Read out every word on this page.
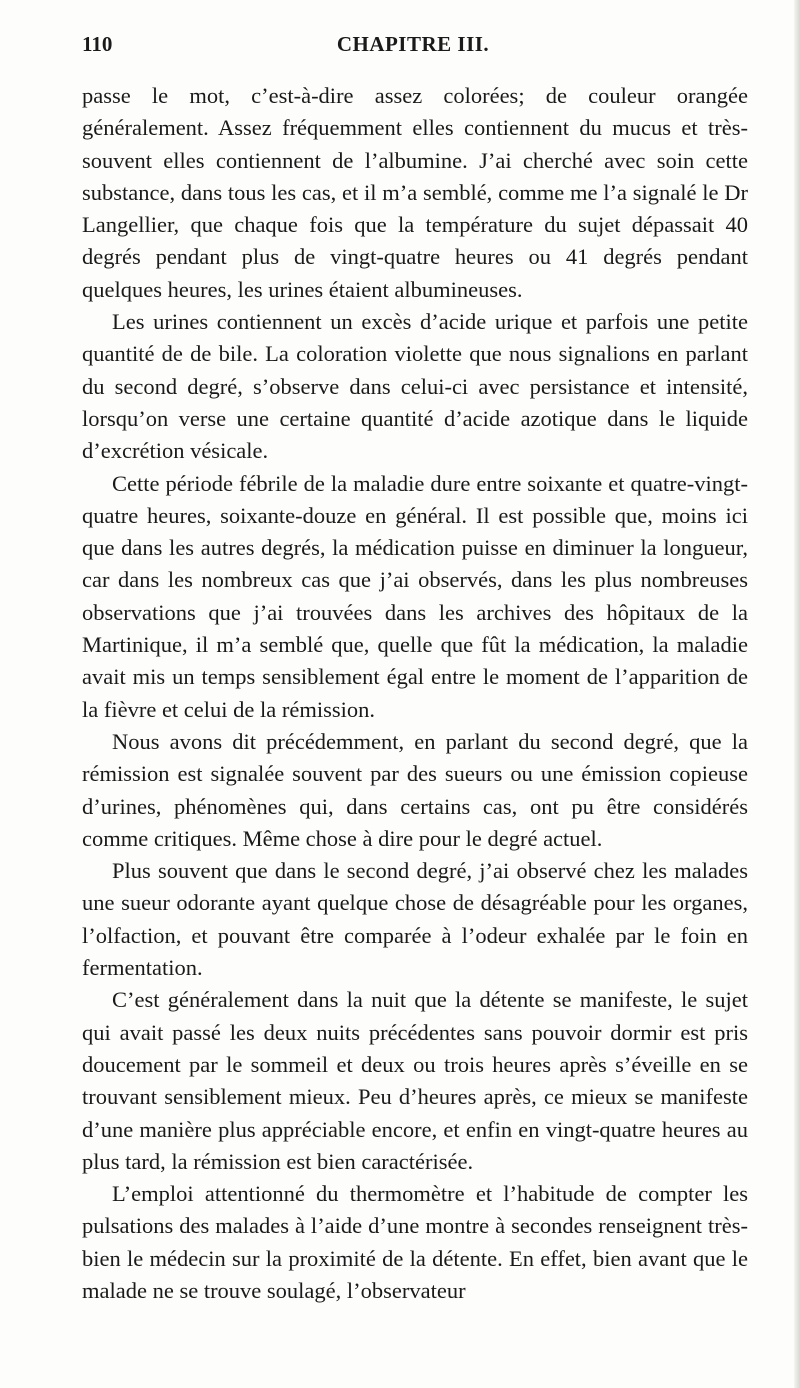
110	CHAPITRE III.

passe le mot, c’est-à-dire assez colorées; de couleur orangée généralement. Assez fréquemment elles contiennent du mucus et très-souvent elles contiennent de l’albumine. J’ai cherché avec soin cette substance, dans tous les cas, et il m’a semblé, comme me l’a signalé le Dr Langellier, que chaque fois que la température du sujet dépassait 40 degrés pendant plus de vingt-quatre heures ou 41 degrés pendant quelques heures, les urines étaient albumineuses.

Les urines contiennent un excès d’acide urique et parfois une petite quantité de de bile. La coloration violette que nous signalions en parlant du second degré, s’observe dans celui-ci avec persistance et intensité, lorsqu’on verse une certaine quantité d’acide azotique dans le liquide d’excrétion vésicale.

Cette période fébrile de la maladie dure entre soixante et quatre-vingt-quatre heures, soixante-douze en général. Il est possible que, moins ici que dans les autres degrés, la médication puisse en diminuer la longueur, car dans les nombreux cas que j’ai observés, dans les plus nombreuses observations que j’ai trouvées dans les archives des hôpitaux de la Martinique, il m’a semblé que, quelle que fût la médication, la maladie avait mis un temps sensiblement égal entre le moment de l’apparition de la fièvre et celui de la rémission.

Nous avons dit précédemment, en parlant du second degré, que la rémission est signalée souvent par des sueurs ou une émission copieuse d’urines, phénomènes qui, dans certains cas, ont pu être considérés comme critiques. Même chose à dire pour le degré actuel.

Plus souvent que dans le second degré, j’ai observé chez les malades une sueur odorante ayant quelque chose de désagréable pour les organes, l’olfaction, et pouvant être comparée à l’odeur exhalée par le foin en fermentation.

C’est généralement dans la nuit que la détente se manifeste, le sujet qui avait passé les deux nuits précédentes sans pouvoir dormir est pris doucement par le sommeil et deux ou trois heures après s’éveille en se trouvant sensiblement mieux. Peu d’heures après, ce mieux se manifeste d’une manière plus appréciable encore, et enfin en vingt-quatre heures au plus tard, la rémission est bien caractérisée.

L’emploi attentionné du thermomètre et l’habitude de compter les pulsations des malades à l’aide d’une montre à secondes renseignent très-bien le médecin sur la proximité de la détente. En effet, bien avant que le malade ne se trouve soulagé, l’observateur
